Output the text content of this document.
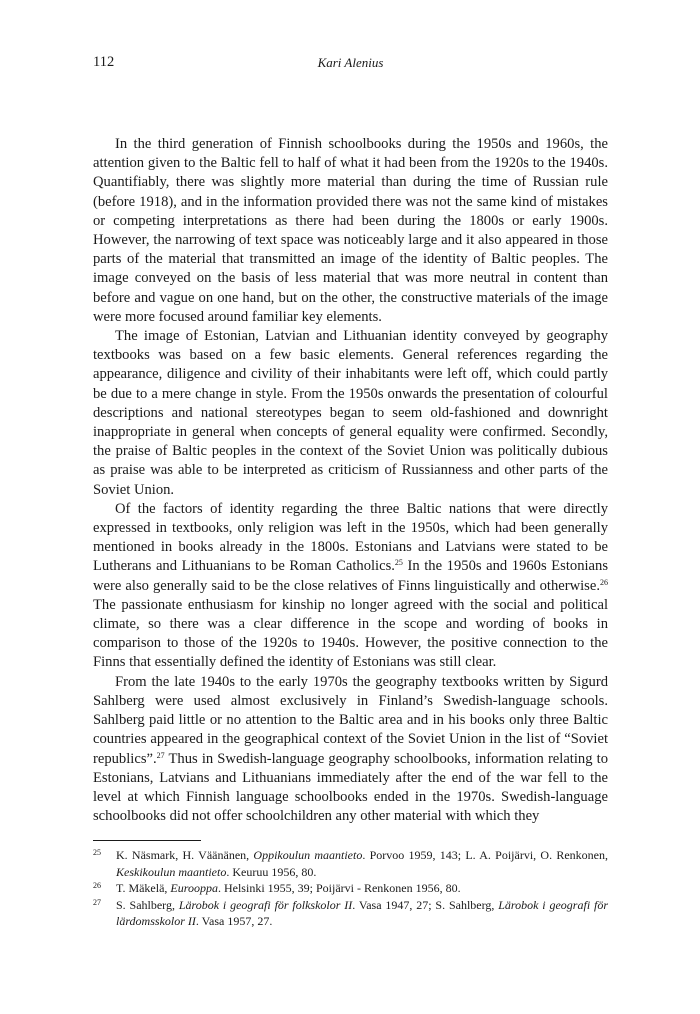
112	Kari Alenius

In the third generation of Finnish schoolbooks during the 1950s and 1960s, the attention given to the Baltic fell to half of what it had been from the 1920s to the 1940s. Quantifiably, there was slightly more material than during the time of Russian rule (before 1918), and in the information provided there was not the same kind of mistakes or competing interpretations as there had been during the 1800s or early 1900s. However, the narrowing of text space was noticeably large and it also appeared in those parts of the material that transmitted an image of the identity of Baltic peoples. The image conveyed on the basis of less material that was more neutral in content than before and vague on one hand, but on the other, the constructive materials of the image were more focused around familiar key elements.

The image of Estonian, Latvian and Lithuanian identity conveyed by geography textbooks was based on a few basic elements. General references regarding the appearance, diligence and civility of their inhabitants were left off, which could partly be due to a mere change in style. From the 1950s onwards the presentation of colourful descriptions and national stereotypes began to seem old-fashioned and downright inappropriate in general when concepts of general equality were confirmed. Secondly, the praise of Baltic peoples in the context of the Soviet Union was politically dubious as praise was able to be interpreted as criticism of Russianness and other parts of the Soviet Union.

Of the factors of identity regarding the three Baltic nations that were directly expressed in textbooks, only religion was left in the 1950s, which had been generally mentioned in books already in the 1800s. Estonians and Latvians were stated to be Lutherans and Lithuanians to be Roman Catholics.$^{25}$ In the 1950s and 1960s Estonians were also generally said to be the close relatives of Finns linguistically and otherwise.$^{26}$ The passionate enthusiasm for kinship no longer agreed with the social and political climate, so there was a clear difference in the scope and wording of books in comparison to those of the 1920s to 1940s. However, the positive connection to the Finns that essentially defined the identity of Estonians was still clear.

From the late 1940s to the early 1970s the geography textbooks written by Sigurd Sahlberg were used almost exclusively in Finland’s Swedish-language schools. Sahlberg paid little or no attention to the Baltic area and in his books only three Baltic countries appeared in the geographical context of the Soviet Union in the list of “Soviet republics”.$^{27}$ Thus in Swedish-language geography schoolbooks, information relating to Estonians, Latvians and Lithuanians immediately after the end of the war fell to the level at which Finnish language schoolbooks ended in the 1970s. Swedish-language schoolbooks did not offer schoolchildren any other material with which they

25 K. Näsmark, H. Väänänen, Oppikoulun maantieto. Porvoo 1959, 143; L. A. Poijärvi, O. Renkonen, Keskikoulun maantieto. Keuruu 1956, 80.
26 T. Mäkelä, Eurooppa. Helsinki 1955, 39; Poijärvi - Renkonen 1956, 80.
27 S. Sahlberg, Lärobok i geografi för folkskolor II. Vasa 1947, 27; S. Sahlberg, Lärobok i geografi för lärdomsskolor II. Vasa 1957, 27.
